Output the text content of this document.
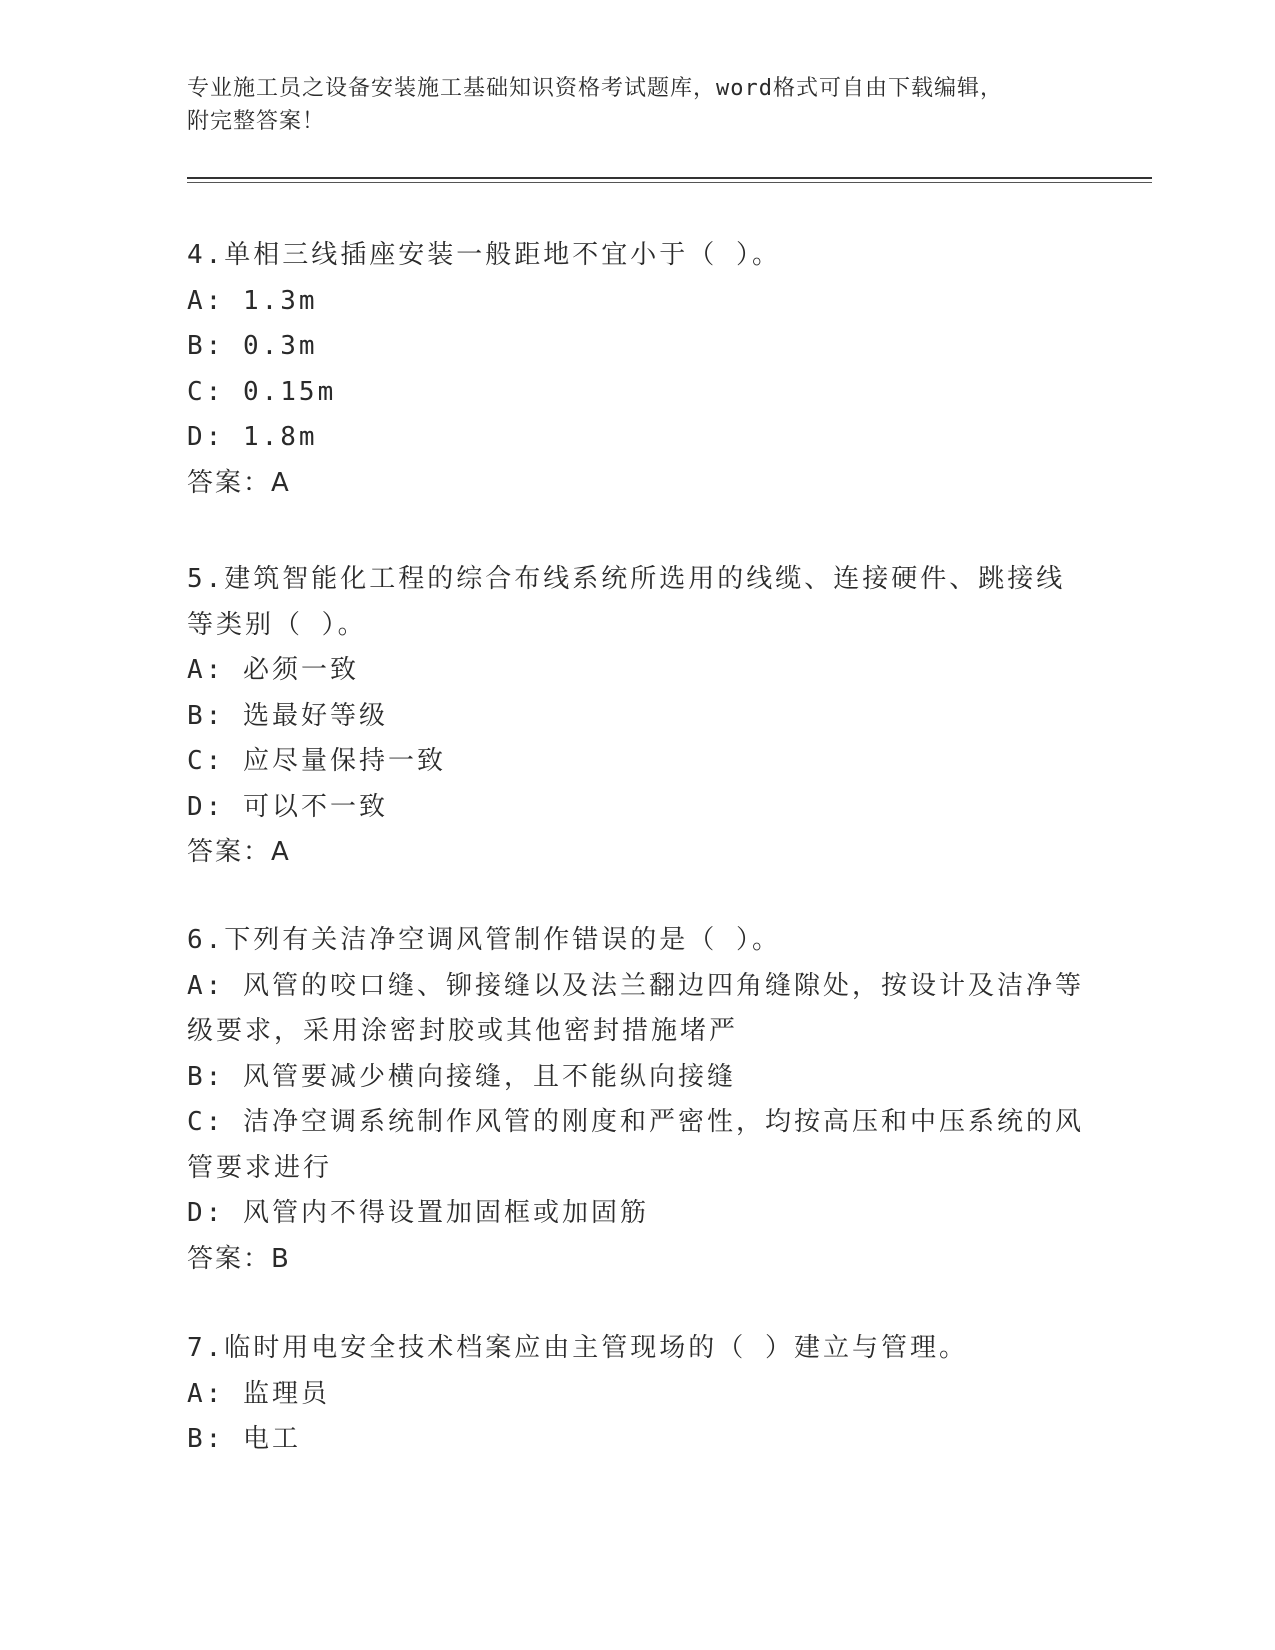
专业施工员之设备安装施工基础知识资格考试题库，word格式可自由下载编辑，
附完整答案！
4.单相三线插座安装一般距地不宜小于（ ）。
A: 1.3m
B: 0.3m
C: 0.15m
D: 1.8m
答案：A
5.建筑智能化工程的综合布线系统所选用的线缆、连接硬件、跳接线
等类别（ ）。
A: 必须一致
B: 选最好等级
C: 应尽量保持一致
D: 可以不一致
答案：A
6.下列有关洁净空调风管制作错误的是（ ）。
A: 风管的咬口缝、铆接缝以及法兰翻边四角缝隙处，按设计及洁净等
级要求，采用涂密封胶或其他密封措施堵严
B: 风管要减少横向接缝，且不能纵向接缝
C: 洁净空调系统制作风管的刚度和严密性，均按高压和中压系统的风
管要求进行
D: 风管内不得设置加固框或加固筋
答案：B
7.临时用电安全技术档案应由主管现场的（ ）建立与管理。
A: 监理员
B: 电工
